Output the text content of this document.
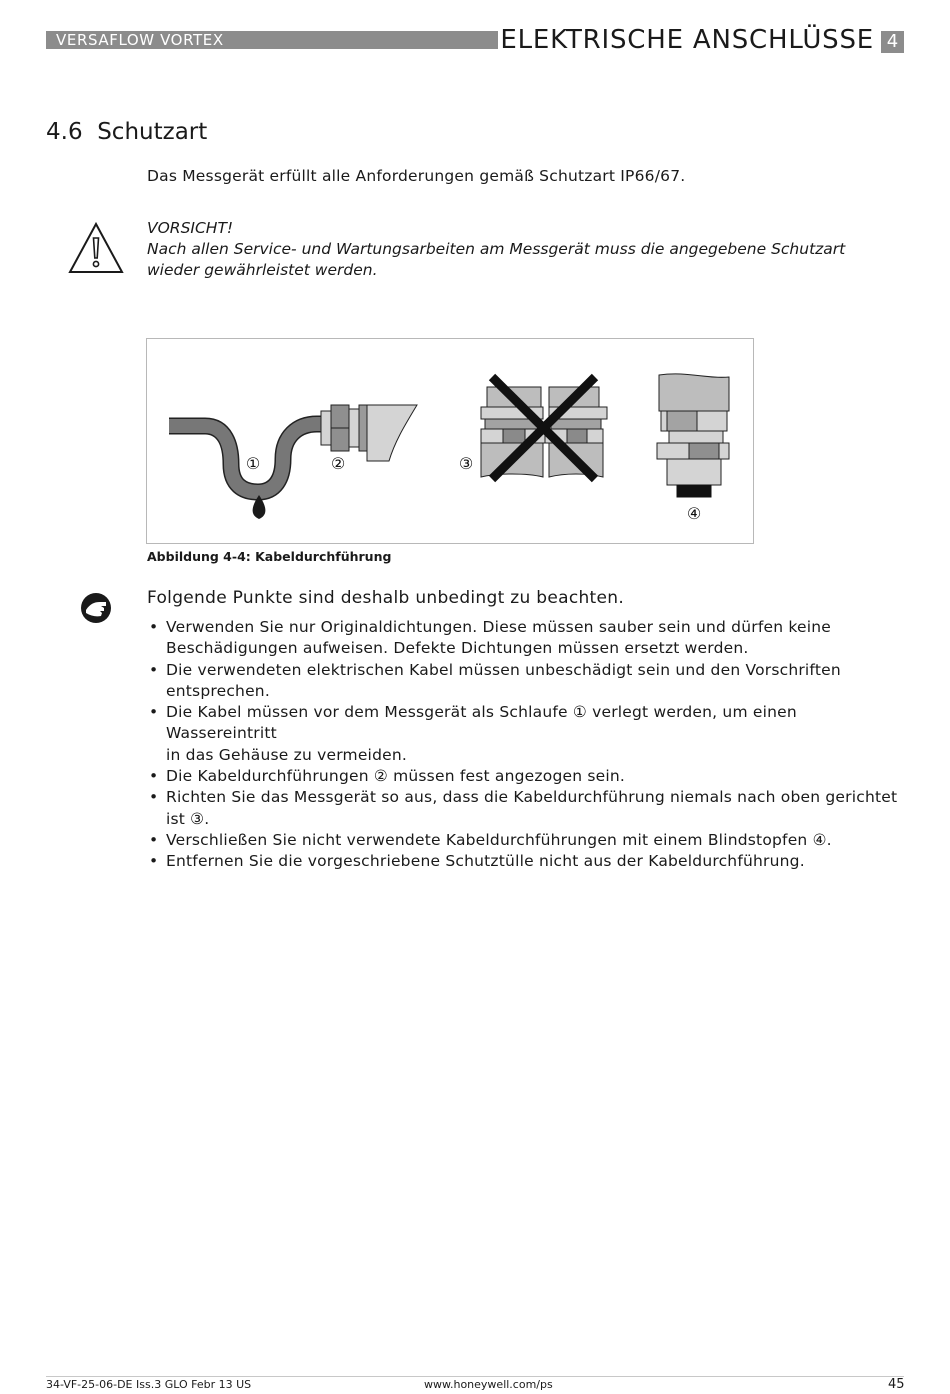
VERSAFLOW VORTEX	ELEKTRISCHE ANSCHLÜSSE 4
4.6 Schutzart
Das Messgerät erfüllt alle Anforderungen gemäß Schutzart IP66/67.
VORSICHT!
Nach allen Service- und Wartungsarbeiten am Messgerät muss die angegebene Schutzart
wieder gewährleistet werden.
①	②	③
④
Abbildung 4-4: Kabeldurchführung
Folgende Punkte sind deshalb unbedingt zu beachten.
• Verwenden Sie nur Originaldichtungen. Diese müssen sauber sein und dürfen keine
Beschädigungen aufweisen. Defekte Dichtungen müssen ersetzt werden.
• Die verwendeten elektrischen Kabel müssen unbeschädigt sein und den Vorschriften
entsprechen.
• Die Kabel müssen vor dem Messgerät als Schlaufe ① verlegt werden, um einen Wassereintritt
in das Gehäuse zu vermeiden.
• Die Kabeldurchführungen ② müssen fest angezogen sein.
• Richten Sie das Messgerät so aus, dass die Kabeldurchführung niemals nach oben gerichtet
ist ③.
• Verschließen Sie nicht verwendete Kabeldurchführungen mit einem Blindstopfen ④.
• Entfernen Sie die vorgeschriebene Schutztülle nicht aus der Kabeldurchführung.
34-VF-25-06-DE Iss.3 GLO Febr 13 US	www.honeywell.com/ps	45
